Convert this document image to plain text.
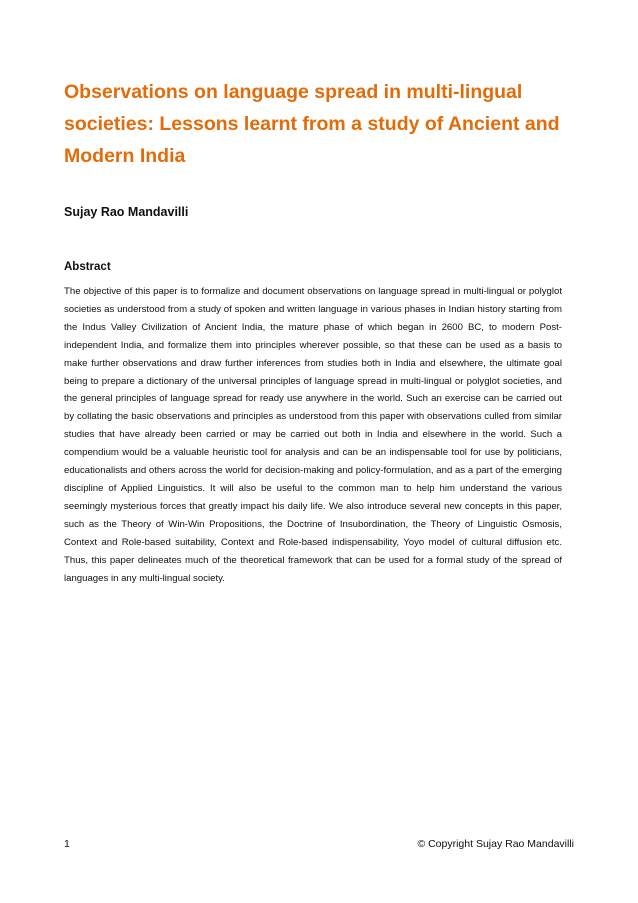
Observations on language spread in multi-lingual societies: Lessons learnt from a study of Ancient and Modern India

Sujay Rao Mandavilli

Abstract

The objective of this paper is to formalize and document observations on language spread in multi-lingual or polyglot societies as understood from a study of spoken and written language in various phases in Indian history starting from the Indus Valley Civilization of Ancient India, the mature phase of which began in 2600 BC, to modern Post-independent India, and formalize them into principles wherever possible, so that these can be used as a basis to make further observations and draw further inferences from studies both in India and elsewhere, the ultimate goal being to prepare a dictionary of the universal principles of language spread in multi-lingual or polyglot societies, and the general principles of language spread for ready use anywhere in the world. Such an exercise can be carried out by collating the basic observations and principles as understood from this paper with observations culled from similar studies that have already been carried or may be carried out both in India and elsewhere in the world. Such a compendium would be a valuable heuristic tool for analysis and can be an indispensable tool for use by politicians, educationalists and others across the world for decision-making and policy-formulation, and as a part of the emerging discipline of Applied Linguistics. It will also be useful to the common man to help him understand the various seemingly mysterious forces that greatly impact his daily life. We also introduce several new concepts in this paper, such as the Theory of Win-Win Propositions, the Doctrine of Insubordination, the Theory of Linguistic Osmosis, Context and Role-based suitability, Context and Role-based indispensability, Yoyo model of cultural diffusion etc. Thus, this paper delineates much of the theoretical framework that can be used for a formal study of the spread of languages in any multi-lingual society.

1	© Copyright Sujay Rao Mandavilli
